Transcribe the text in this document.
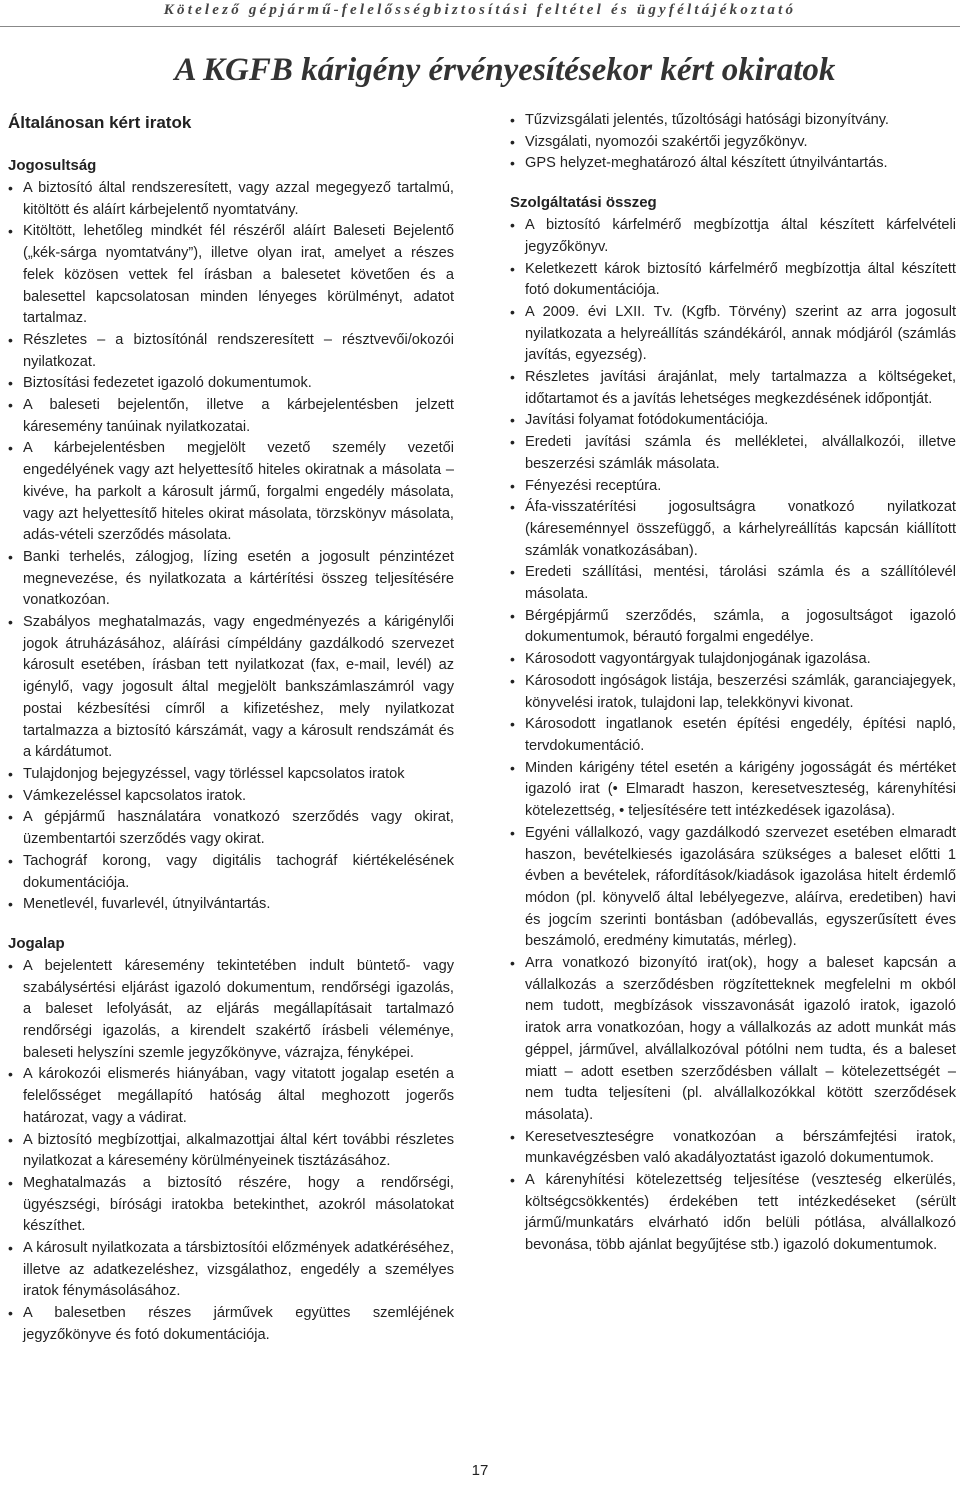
Kötelező gépjármű-felelősségbiztosítási feltétel és ügyféltájékoztató
A KGFB kárigény érvényesítésekor kért okiratok
Általánosan kért iratok
Jogosultság
• A biztosító által rendszeresített, vagy azzal megegyező tartalmú, kitöltött és aláírt kárbejelentő nyomtatvány.
• Kitöltött, lehetőleg mindkét fél részéről aláírt Baleseti Bejelentő („kék-sárga nyomtatvány”), illetve olyan irat, amelyet a részes felek közösen vettek fel írásban a balesetet követően és a balesettel kapcsolatosan minden lényeges körülményt, adatot tartalmaz.
• Részletes – a biztosítónál rendszeresített – résztvevői/okozói nyilatkozat.
• Biztosítási fedezetet igazoló dokumentumok.
• A baleseti bejelentőn, illetve a kárbejelentésben jelzett káresemény tanúinak nyilatkozatai.
• A kárbejelentésben megjelölt vezető személy vezetői engedélyének vagy azt helyettesítő hiteles okiratnak a másolata – kivéve, ha parkolt a károsult jármű, forgalmi engedély másolata, vagy azt helyettesítő hiteles okirat másolata, törzskönyv másolata, adás-vételi szerződés másolata.
• Banki terhelés, zálogjog, lízing esetén a jogosult pénzintézet megnevezése, és nyilatkozata a kártérítési összeg teljesítésére vonatkozóan.
• Szabályos meghatalmazás, vagy engedményezés a kárigénylői jogok átruházásához, aláírási címpéldány gazdálkodó szervezet károsult esetében, írásban tett nyilatkozat (fax, e-mail, levél) az igénylő, vagy jogosult által megjelölt bankszámlaszámról vagy postai kézbesítési címről a kifizetéshez, mely nyilatkozat tartalmazza a biztosító kárszámát, vagy a károsult rendszámát és a kárdátumot.
• Tulajdonjog bejegyzéssel, vagy törléssel kapcsolatos iratok
• Vámkezeléssel kapcsolatos iratok.
• A gépjármű használatára vonatkozó szerződés vagy okirat, üzembentartói szerződés vagy okirat.
• Tachográf korong, vagy digitális tachográf kiértékelésének dokumentációja.
• Menetlevél, fuvarlevél, útnyilvántartás.
Jogalap
• A bejelentett káresemény tekintetében indult büntető- vagy szabálysértési eljárást igazoló dokumentum, rendőrségi igazolás, a baleset lefolyását, az eljárás megállapításait tartalmazó rendőrségi igazolás, a kirendelt szakértő írásbeli véleménye, baleseti helyszíni szemle jegyzőkönyve, vázrajza, fényképei.
• A károkozói elismerés hiányában, vagy vitatott jogalap esetén a felelősséget megállapító hatóság által meghozott jogerős határozat, vagy a vádirat.
• A biztosító megbízottjai, alkalmazottjai által kért további részletes nyilatkozat a káresemény körülményeinek tisztázásához.
• Meghatalmazás a biztosító részére, hogy a rendőrségi, ügyészségi, bírósági iratokba betekinthet, azokról másolatokat készíthet.
• A károsult nyilatkozata a társbiztosítói előzmények adatkéréséhez, illetve az adatkezeléshez, vizsgálathoz, engedély a személyes iratok fénymásolásához.
• A balesetben részes járművek együttes szemléjének jegyzőkönyve és fotó dokumentációja.
• Tűzvizsgálati jelentés, tűzoltósági hatósági bizonyítvány.
• Vizsgálati, nyomozói szakértői jegyzőkönyv.
• GPS helyzet-meghatározó által készített útnyilvántartás.
Szolgáltatási összeg
• A biztosító kárfelmérő megbízottja által készített kárfelvételi jegyzőkönyv.
• Keletkezett károk biztosító kárfelmérő megbízottja által készített fotó dokumentációja.
• A 2009. évi LXII. Tv. (Kgfb. Törvény) szerint az arra jogosult nyilatkozata a helyreállítás szándékáról, annak módjáról (számlás javítás, egyezség).
• Részletes javítási árajánlat, mely tartalmazza a költségeket, időtartamot és a javítás lehetséges megkezdésének időpontját.
• Javítási folyamat fotódokumentációja.
• Eredeti javítási számla és mellékletei, alvállalkozói, illetve beszerzési számlák másolata.
• Fényezési receptúra.
• Áfa-visszatérítési jogosultságra vonatkozó nyilatkozat (káreseménnyel összefüggő, a kárhelyreállítás kapcsán kiállított számlák vonatkozásában).
• Eredeti szállítási, mentési, tárolási számla és a szállítólevél másolata.
• Bérgépjármű szerződés, számla, a jogosultságot igazoló dokumentumok, bérautó forgalmi engedélye.
• Károsodott vagyontárgyak tulajdonjogának igazolása.
• Károsodott ingóságok listája, beszerzési számlák, garanciajegyek, könyvelési iratok, tulajdoni lap, telekkönyvi kivonat.
• Károsodott ingatlanok esetén építési engedély, építési napló, tervdokumentáció.
• Minden kárigény tétel esetén a kárigény jogosságát és mértéket igazoló irat (• Elmaradt haszon, keresetveszteség, kárenyhítési kötelezettség, • teljesítésére tett intézkedések igazolása).
• Egyéni vállalkozó, vagy gazdálkodó szervezet esetében elmaradt haszon, bevételkiesés igazolására szükséges a baleset előtti 1 évben a bevételek, ráfordítások/kiadások igazolása hitelt érdemlő módon (pl. könyvelő által lebélyegezve, aláírva, eredetiben) havi és jogcím szerinti bontásban (adóbevallás, egyszerűsített éves beszámoló, eredmény kimutatás, mérleg).
• Arra vonatkozó bizonyító irat(ok), hogy a baleset kapcsán a vállalkozás a szerződésben rögzítetteknek megfelelni m okból nem tudott, megbízások visszavonását igazoló iratok, igazoló iratok arra vonatkozóan, hogy a vállalkozás az adott munkát más géppel, járművel, alvállalkozóval pótólni nem tudta, és a baleset miatt – adott esetben szerződésben vállalt – kötelezettségét – nem tudta teljesíteni (pl. alvállalkozókkal kötött szerződések másolata).
• Keresetveszteségre vonatkozóan a bérszámfejtési iratok, munkavégzésben való akadályoztatást igazoló dokumentumok.
• A kárenyhítési kötelezettség teljesítése (veszteség elkerülés, költségcsökkentés) érdekében tett intézkedéseket (sérült jármű/munkatárs elvárható időn belüli pótlása, alvállalkozó bevonása, több ajánlat begyűjtése stb.) igazoló dokumentumok.
17
